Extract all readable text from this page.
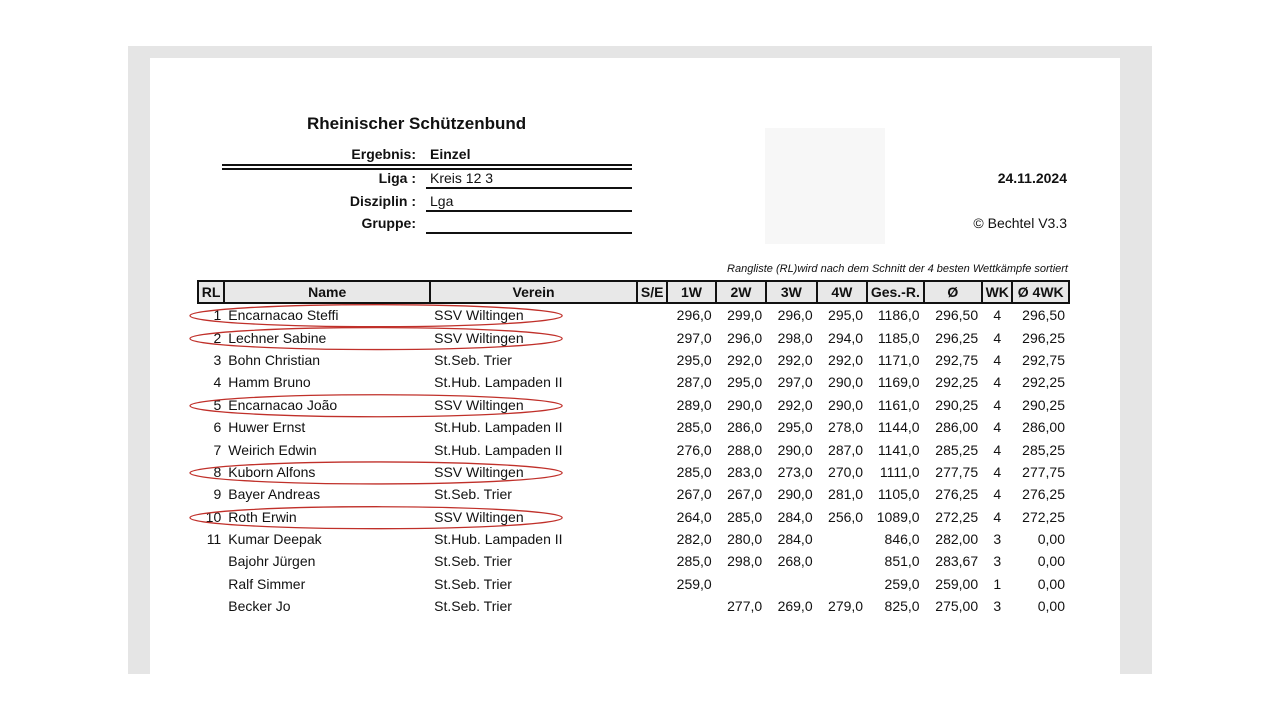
Rheinischer Schützenbund
Ergebnis: Einzel
Liga : Kreis 12 3
Disziplin : Lga
Gruppe:
24.11.2024
© Bechtel V3.3
Rangliste (RL)wird nach dem Schnitt der 4 besten Wettkämpfe sortiert
RL	Name	Verein	S/E	1W	2W	3W	4W	Ges.-R.	Ø	WK	Ø 4WK
1	Encarnacao Steffi	SSV Wiltingen		296,0	299,0	296,0	295,0	1186,0	296,50	4	296,50
2	Lechner Sabine	SSV Wiltingen		297,0	296,0	298,0	294,0	1185,0	296,25	4	296,25
3	Bohn Christian	St.Seb. Trier		295,0	292,0	292,0	292,0	1171,0	292,75	4	292,75
4	Hamm Bruno	St.Hub. Lampaden II		287,0	295,0	297,0	290,0	1169,0	292,25	4	292,25
5	Encarnacao João	SSV Wiltingen		289,0	290,0	292,0	290,0	1161,0	290,25	4	290,25
6	Huwer Ernst	St.Hub. Lampaden II		285,0	286,0	295,0	278,0	1144,0	286,00	4	286,00
7	Weirich Edwin	St.Hub. Lampaden II		276,0	288,0	290,0	287,0	1141,0	285,25	4	285,25
8	Kuborn Alfons	SSV Wiltingen		285,0	283,0	273,0	270,0	1111,0	277,75	4	277,75
9	Bayer Andreas	St.Seb. Trier		267,0	267,0	290,0	281,0	1105,0	276,25	4	276,25
10	Roth Erwin	SSV Wiltingen		264,0	285,0	284,0	256,0	1089,0	272,25	4	272,25
11	Kumar Deepak	St.Hub. Lampaden II		282,0	280,0	284,0		846,0	282,00	3	0,00
	Bajohr Jürgen	St.Seb. Trier		285,0	298,0	268,0		851,0	283,67	3	0,00
	Ralf Simmer	St.Seb. Trier		259,0				259,0	259,00	1	0,00
	Becker Jo	St.Seb. Trier			277,0	269,0	279,0	825,0	275,00	3	0,00
